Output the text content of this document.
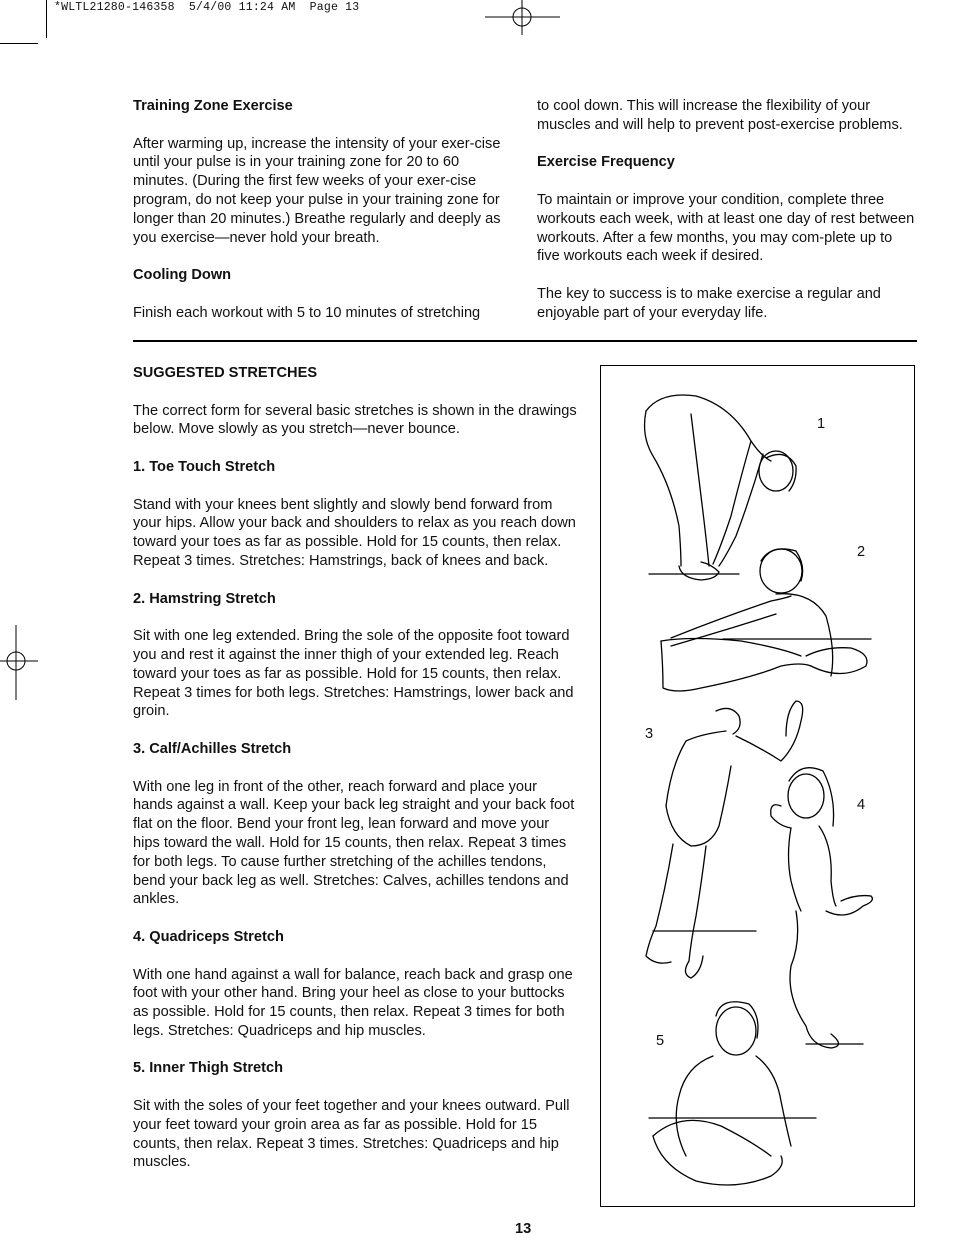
*WLTL21280-146358  5/4/00 11:24 AM  Page 13
Training Zone Exercise

After warming up, increase the intensity of your exer-cise until your pulse is in your training zone for 20 to 60 minutes. (During the first few weeks of your exer-cise program, do not keep your pulse in your training zone for longer than 20 minutes.) Breathe regularly and deeply as you exercise—never hold your breath.

Cooling Down

Finish each workout with 5 to 10 minutes of stretching

to cool down. This will increase the flexibility of your muscles and will help to prevent post-exercise problems.

Exercise Frequency

To maintain or improve your condition, complete three workouts each week, with at least one day of rest between workouts. After a few months, you may com-plete up to five workouts each week if desired.

The key to success is to make exercise a regular and enjoyable part of your everyday life.

SUGGESTED STRETCHES

The correct form for several basic stretches is shown in the drawings below. Move slowly as you stretch—never bounce.

1. Toe Touch Stretch

Stand with your knees bent slightly and slowly bend forward from your hips. Allow your back and shoulders to relax as you reach down toward your toes as far as possible. Hold for 15 counts, then relax. Repeat 3 times. Stretches: Hamstrings, back of knees and back.

2. Hamstring Stretch

Sit with one leg extended. Bring the sole of the opposite foot toward you and rest it against the inner thigh of your extended leg. Reach toward your toes as far as possible. Hold for 15 counts, then relax. Repeat 3 times for both legs. Stretches: Hamstrings, lower back and groin.

3. Calf/Achilles Stretch

With one leg in front of the other, reach forward and place your hands against a wall. Keep your back leg straight and your back foot flat on the floor. Bend your front leg, lean forward and move your hips toward the wall. Hold for 15 counts, then relax. Repeat 3 times for both legs. To cause further stretching of the achilles tendons, bend your back leg as well. Stretches: Calves, achilles tendons and ankles.

4. Quadriceps Stretch

With one hand against a wall for balance, reach back and grasp one foot with your other hand. Bring your heel as close to your buttocks as possible. Hold for 15 counts, then relax. Repeat 3 times for both legs. Stretches: Quadriceps and hip muscles.

5. Inner Thigh Stretch

Sit with the soles of your feet together and your knees outward. Pull your feet toward your groin area as far as possible. Hold for 15 counts, then relax. Repeat 3 times. Stretches: Quadriceps and hip muscles.

1
2
3
4
5
13
